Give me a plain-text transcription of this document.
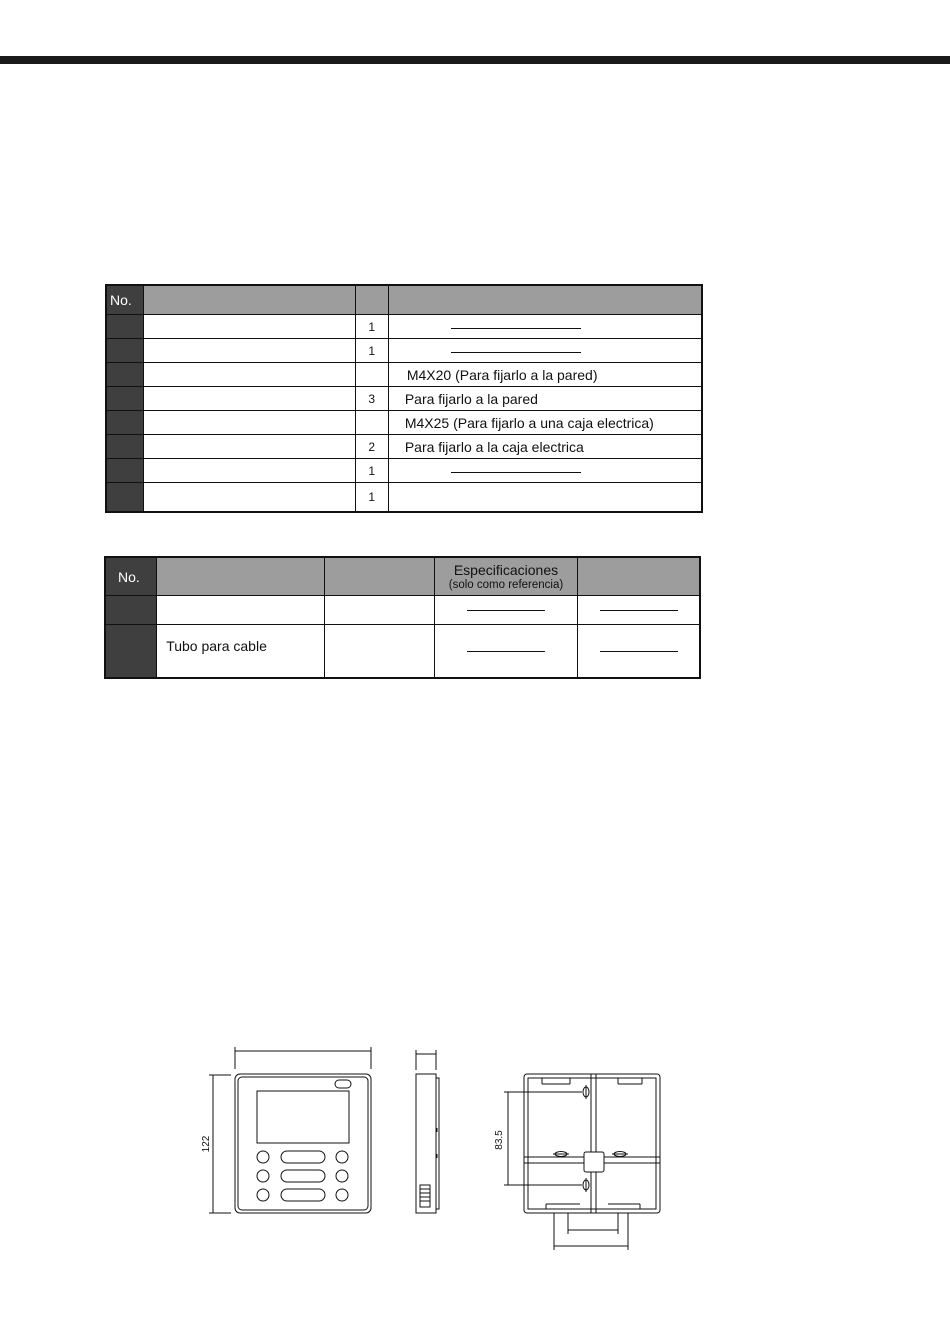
No.			
		1	
		1	
			M4X20 (Para fijarlo a la pared)
		3	Para fijarlo a la pared
			M4X25 (Para fijarlo a una caja electrica)
		2	Para fijarlo a la caja electrica
		1	
		1	
No.			Especificaciones
(solo como referencia)	

	Tubo para cable		

122	83.5
